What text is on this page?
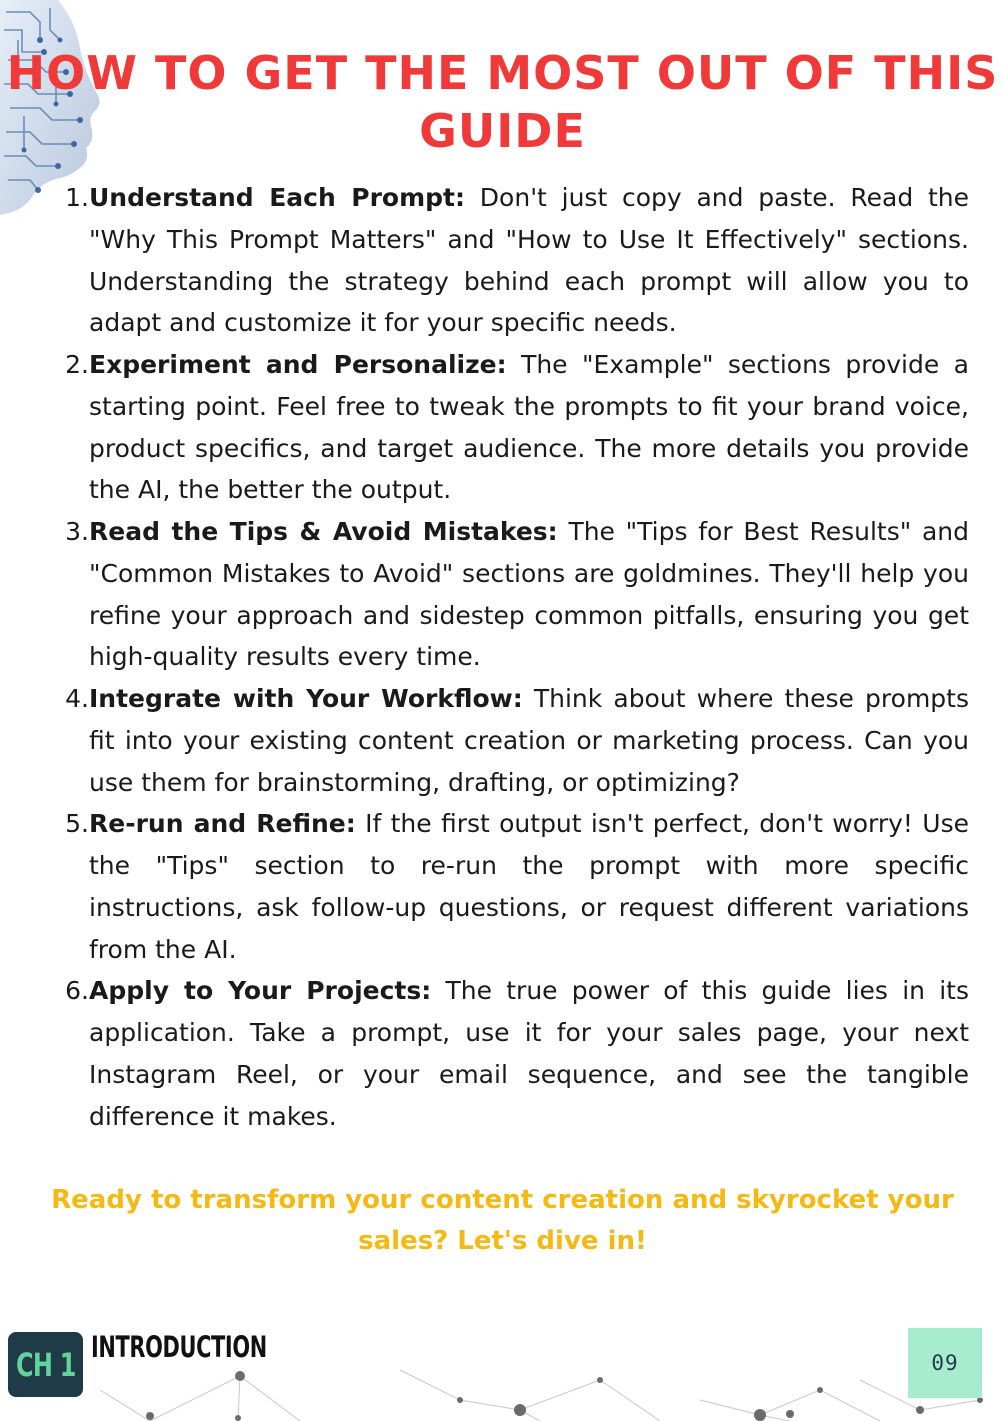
HOW TO GET THE MOST OUT OF THIS GUIDE
1. Understand Each Prompt: Don't just copy and paste. Read the "Why This Prompt Matters" and "How to Use It Effectively" sections. Understanding the strategy behind each prompt will allow you to adapt and customize it for your specific needs.
2. Experiment and Personalize: The "Example" sections provide a starting point. Feel free to tweak the prompts to fit your brand voice, product specifics, and target audience. The more details you provide the AI, the better the output.
3. Read the Tips & Avoid Mistakes: The "Tips for Best Results" and "Common Mistakes to Avoid" sections are goldmines. They'll help you refine your approach and sidestep common pitfalls, ensuring you get high-quality results every time.
4. Integrate with Your Workflow: Think about where these prompts fit into your existing content creation or marketing process. Can you use them for brainstorming, drafting, or optimizing?
5. Re-run and Refine: If the first output isn't perfect, don't worry! Use the "Tips" section to re-run the prompt with more specific instructions, ask follow-up questions, or request different variations from the AI.
6. Apply to Your Projects: The true power of this guide lies in its application. Take a prompt, use it for your sales page, your next Instagram Reel, or your email sequence, and see the tangible difference it makes.

Ready to transform your content creation and skyrocket your sales? Let's dive in!

CH 1 INTRODUCTION	09
